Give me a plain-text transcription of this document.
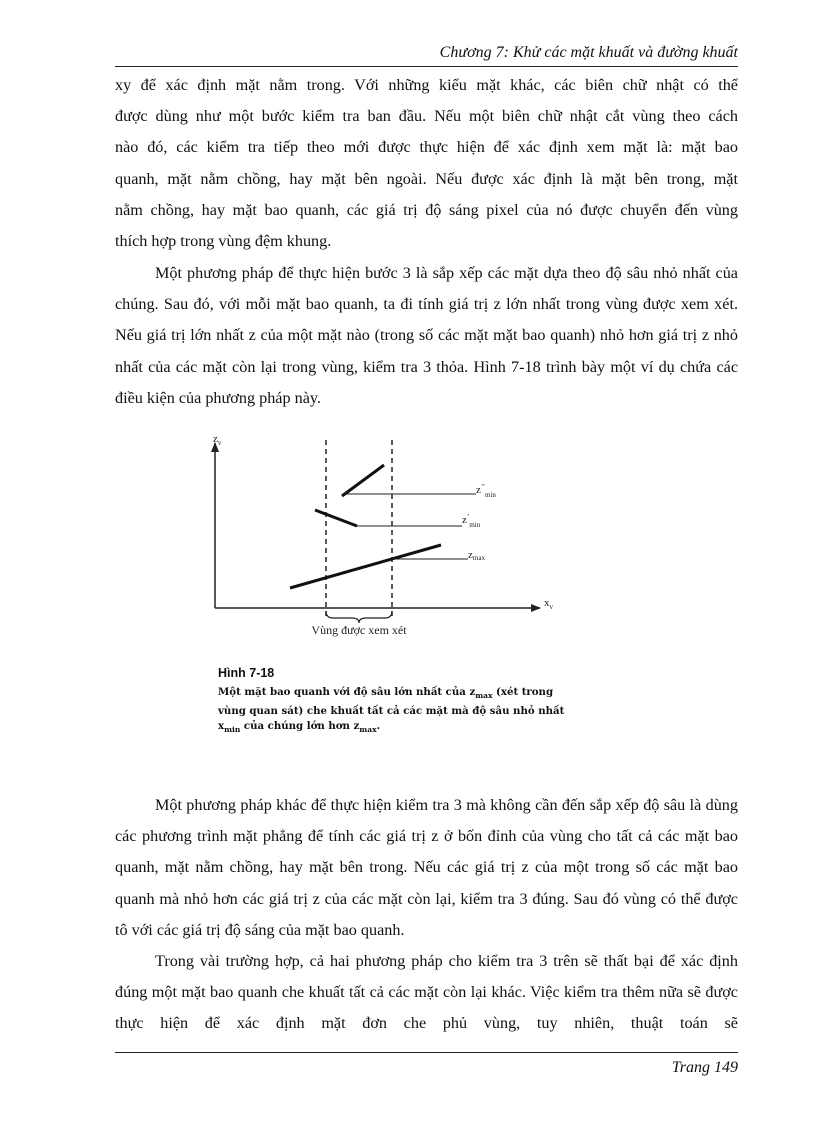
Chương 7: Khử các mặt khuất và đường khuất

xy để xác định mặt nằm trong. Với những kiểu mặt khác, các biên chữ nhật có thể
được dùng như một bước kiểm tra ban đầu. Nếu một biên chữ nhật cắt vùng theo cách
nào đó, các kiểm tra tiếp theo mới được thực hiện để xác định xem mặt là: mặt bao
quanh, mặt nằm chồng, hay mặt bên ngoài. Nếu được xác định là mặt bên trong, mặt
nằm chồng, hay mặt bao quanh, các giá trị độ sáng pixel của nó được chuyển đến vùng
thích hợp trong vùng đệm khung.

Một phương pháp để thực hiện bước 3 là sắp xếp các mặt dựa theo độ sâu nhỏ nhất của chúng. Sau đó, với mỗi mặt bao quanh, ta đi tính giá trị z lớn nhất trong vùng được xem xét. Nếu giá trị lớn nhất z của một mặt nào (trong số các mặt mặt bao quanh) nhỏ hơn giá trị z nhỏ nhất của các mặt còn lại trong vùng, kiểm tra 3 thỏa. Hình 7-18 trình bày một ví dụ chứa các điều kiện của phương pháp này.

$z_v$
$x_v$
$z^{’’}_{min}$
$z^’_{min}$
zmax
Vùng được xem xét

Hình 7-18

Một mặt bao quanh với độ sâu lớn nhất của $z_{max}$ (xét trong vùng quan sát) che khuất tất cả các mặt mà độ sâu nhỏ nhất $x_{min}$ của chúng lớn hơn $z_{max}$.

Một phương pháp khác để thực hiện kiểm tra 3 mà không cần đến sắp xếp độ sâu là dùng các phương trình mặt phẳng để tính các giá trị z ở bốn đỉnh của vùng cho tất cả các mặt bao quanh, mặt nằm chồng, hay mặt bên trong. Nếu các giá trị z của một trong số các mặt bao quanh mà nhỏ hơn các giá trị z của các mặt còn lại, kiểm tra 3 đúng. Sau đó vùng có thể được tô với các giá trị độ sáng của mặt bao quanh.

Trong vài trường hợp, cả hai phương pháp cho kiểm tra 3 trên sẽ thất bại để xác định đúng một mặt bao quanh che khuất tất cả các mặt còn lại khác. Việc kiểm tra thêm nữa sẽ được thực hiện để xác định mặt đơn che phủ vùng, tuy nhiên, thuật toán sẽ

Trang 149
